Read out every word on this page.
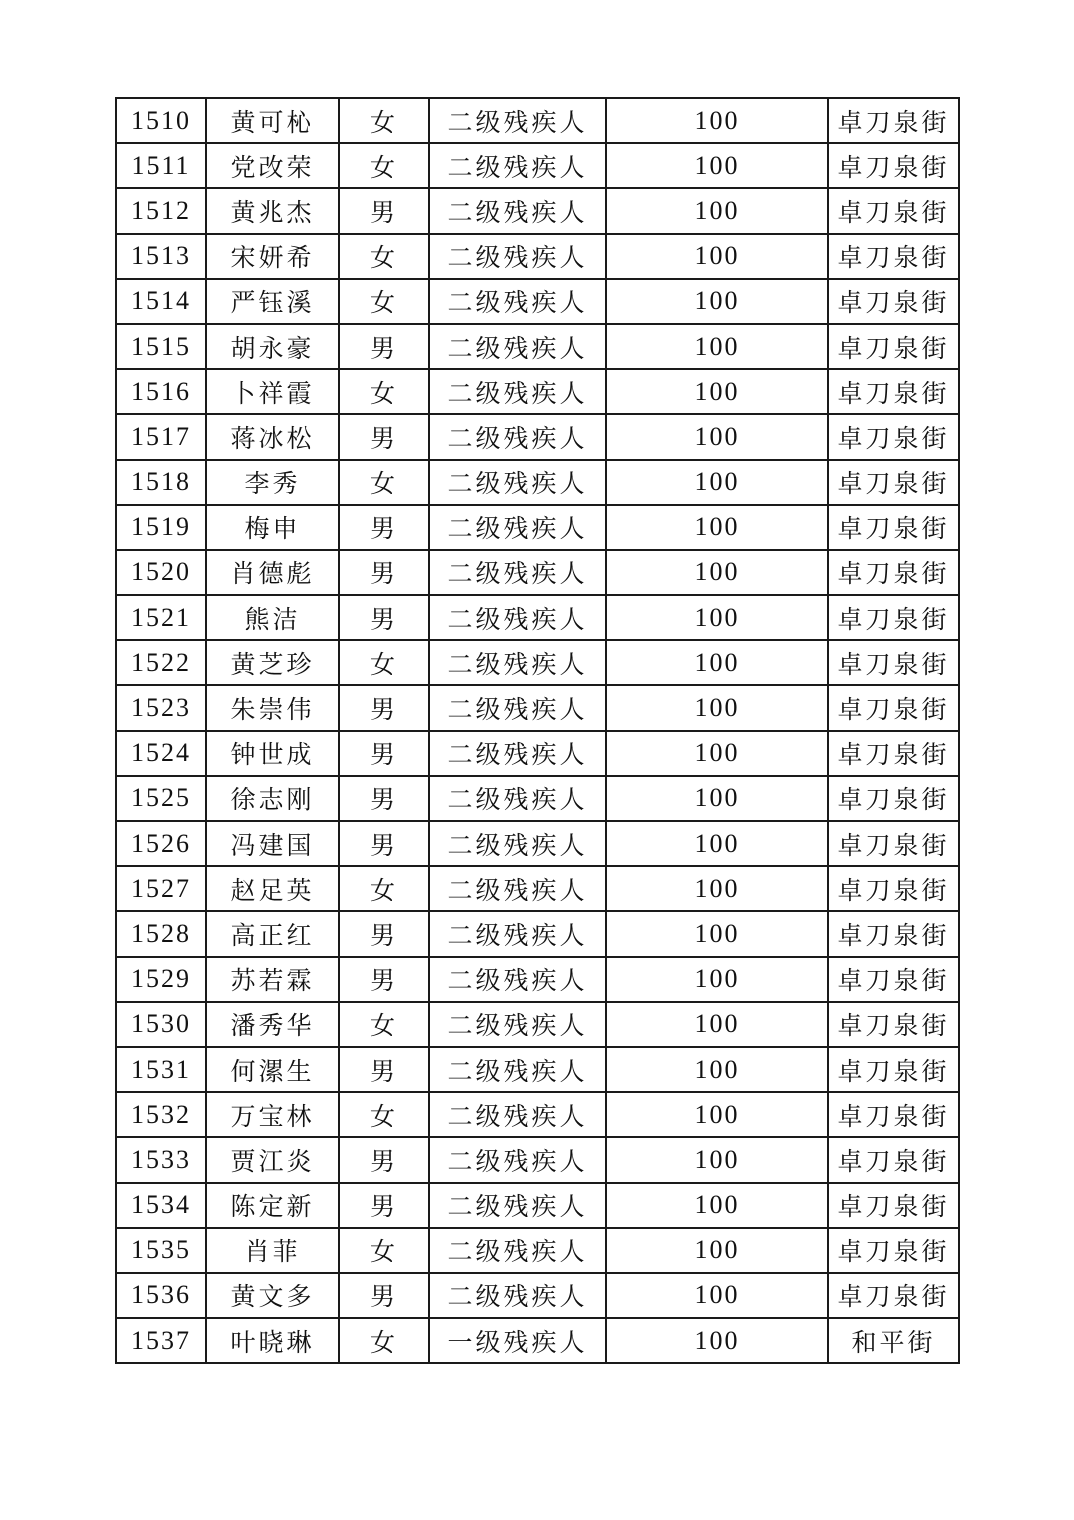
1510	黄可杺	女	二级残疾人	100	卓刀泉街
1511	党改荣	女	二级残疾人	100	卓刀泉街
1512	黄兆杰	男	二级残疾人	100	卓刀泉街
1513	宋妍希	女	二级残疾人	100	卓刀泉街
1514	严钰溪	女	二级残疾人	100	卓刀泉街
1515	胡永豪	男	二级残疾人	100	卓刀泉街
1516	卜祥霞	女	二级残疾人	100	卓刀泉街
1517	蒋冰松	男	二级残疾人	100	卓刀泉街
1518	李秀	女	二级残疾人	100	卓刀泉街
1519	梅申	男	二级残疾人	100	卓刀泉街
1520	肖德彪	男	二级残疾人	100	卓刀泉街
1521	熊洁	男	二级残疾人	100	卓刀泉街
1522	黄芝珍	女	二级残疾人	100	卓刀泉街
1523	朱崇伟	男	二级残疾人	100	卓刀泉街
1524	钟世成	男	二级残疾人	100	卓刀泉街
1525	徐志刚	男	二级残疾人	100	卓刀泉街
1526	冯建国	男	二级残疾人	100	卓刀泉街
1527	赵足英	女	二级残疾人	100	卓刀泉街
1528	高正红	男	二级残疾人	100	卓刀泉街
1529	苏若霖	男	二级残疾人	100	卓刀泉街
1530	潘秀华	女	二级残疾人	100	卓刀泉街
1531	何漯生	男	二级残疾人	100	卓刀泉街
1532	万宝林	女	二级残疾人	100	卓刀泉街
1533	贾江炎	男	二级残疾人	100	卓刀泉街
1534	陈定新	男	二级残疾人	100	卓刀泉街
1535	肖菲	女	二级残疾人	100	卓刀泉街
1536	黄文多	男	二级残疾人	100	卓刀泉街
1537	叶晓琳	女	一级残疾人	100	和平街
